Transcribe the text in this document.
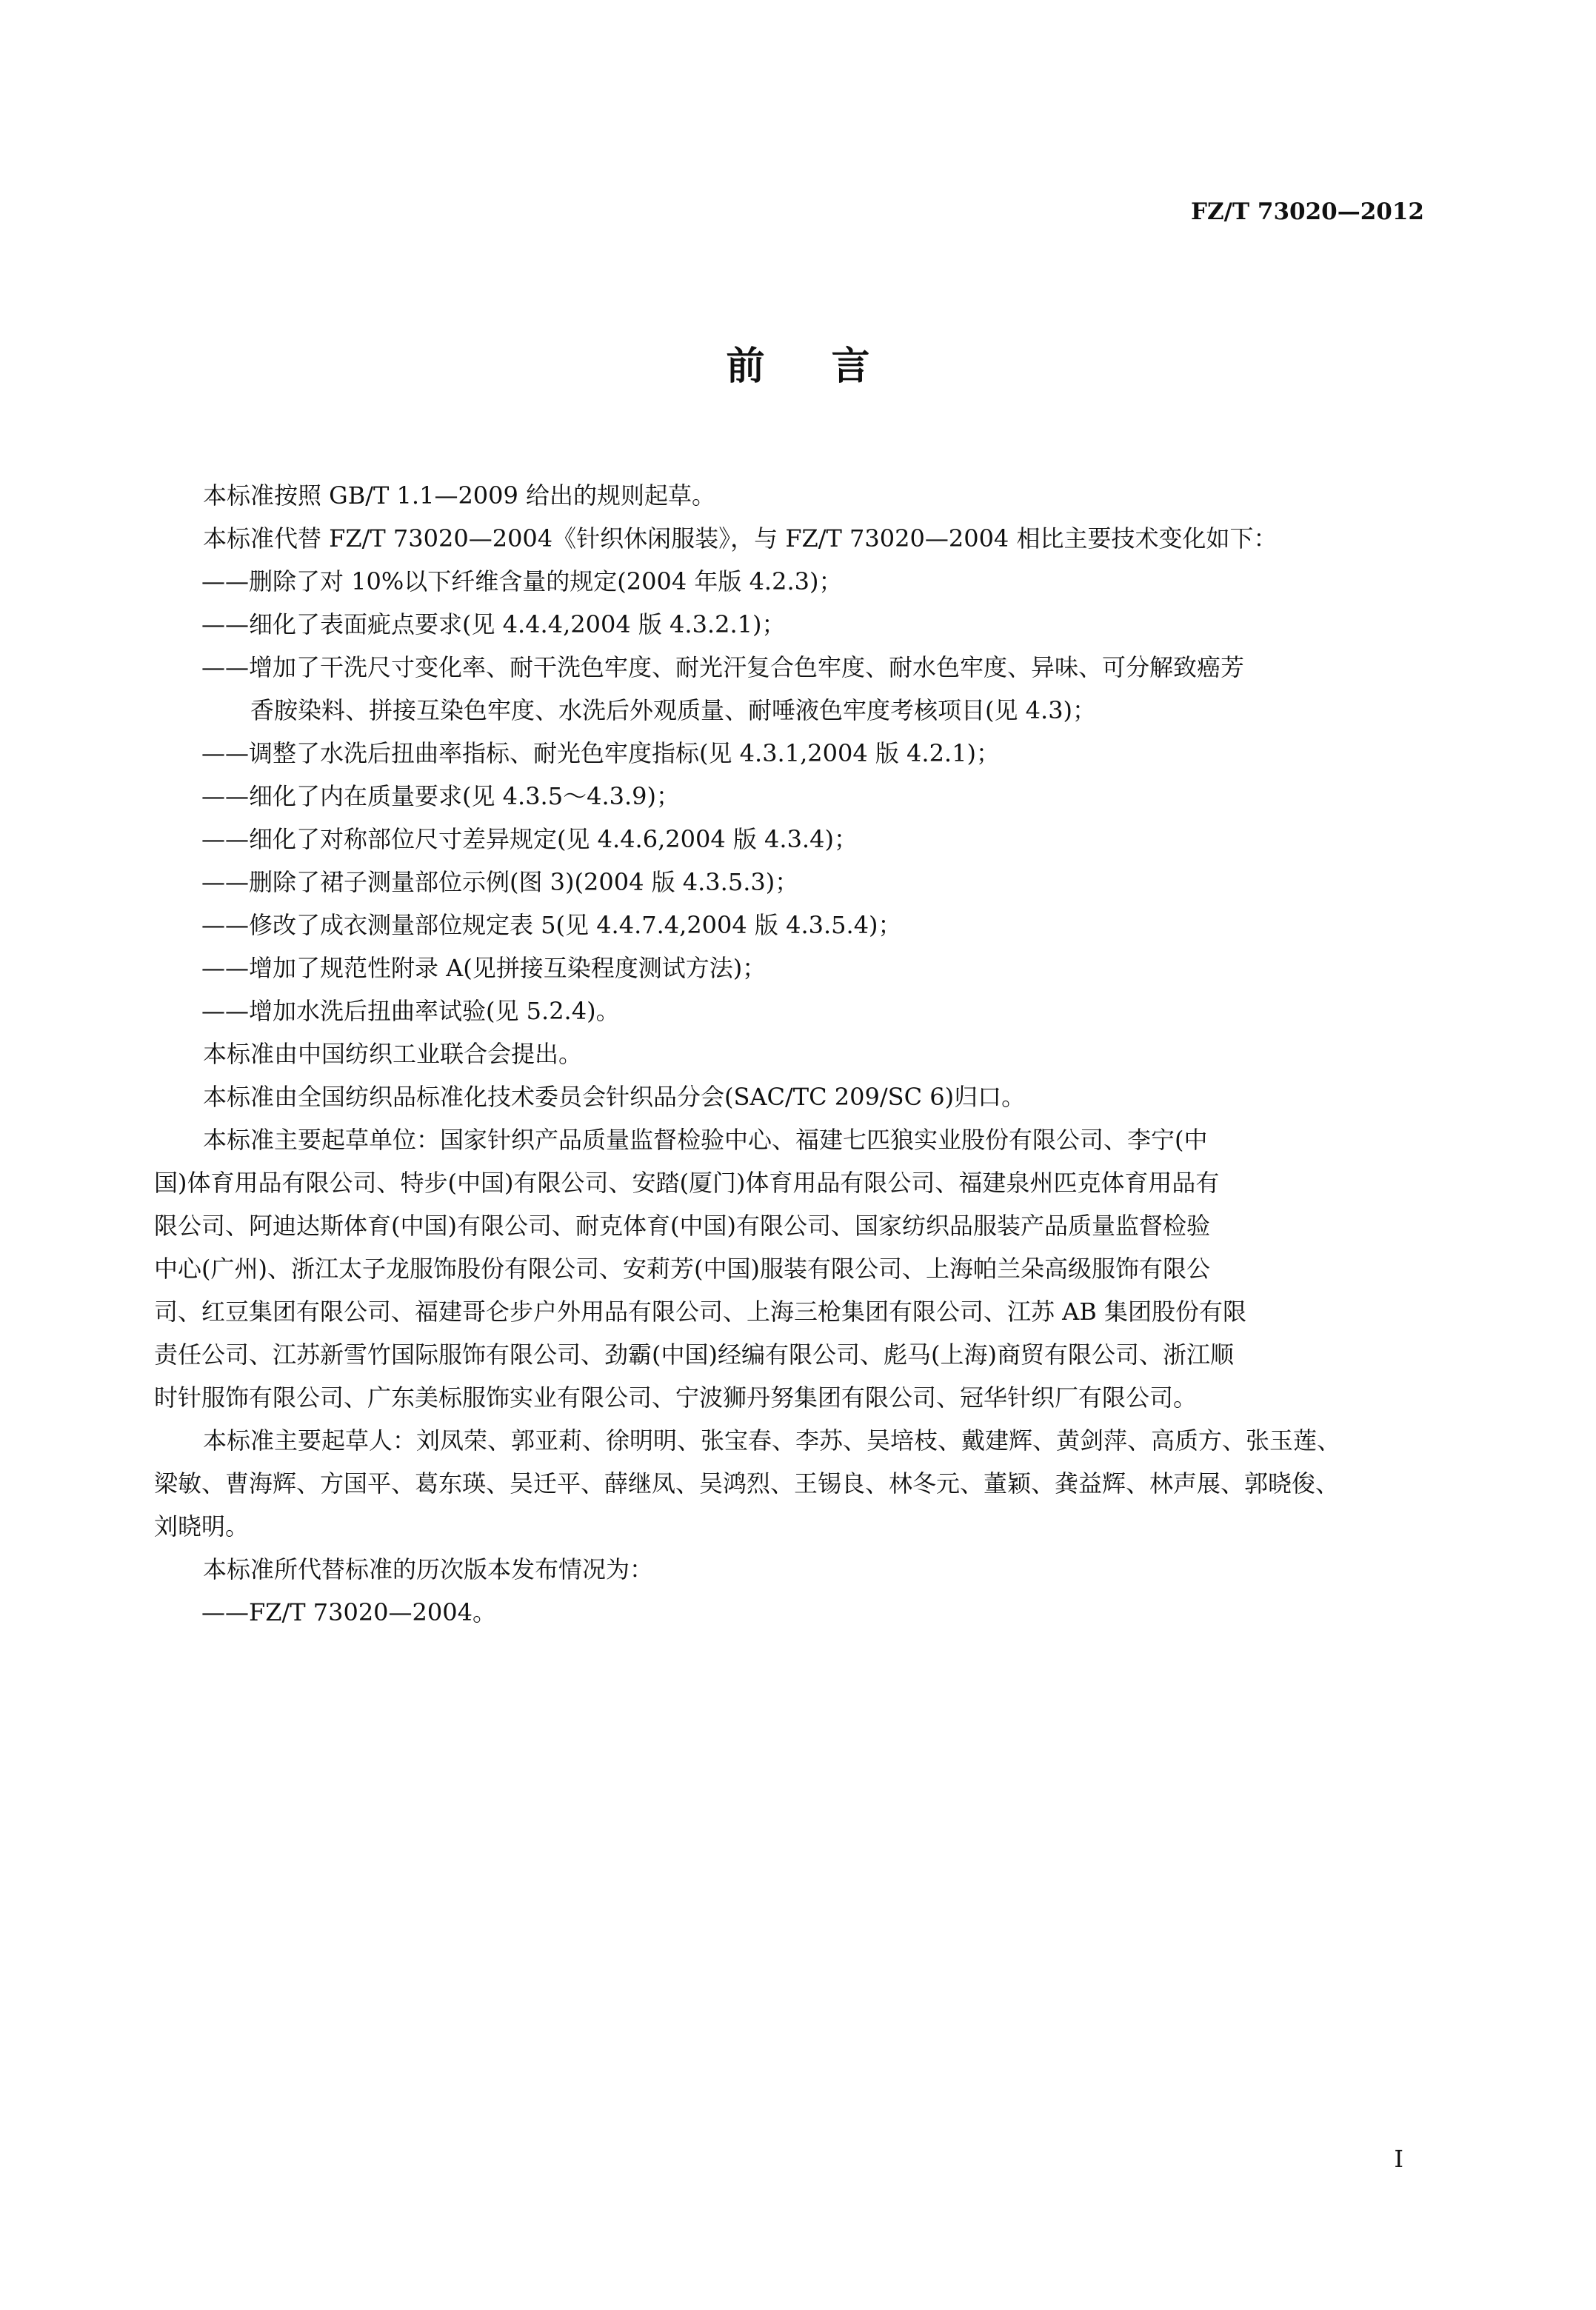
FZ/T 73020—2012
前言
本标准按照 GB/T 1.1—2009 给出的规则起草。
本标准代替 FZ/T 73020—2004《针织休闲服装》，与 FZ/T 73020—2004 相比主要技术变化如下：
——删除了对 10%以下纤维含量的规定(2004 年版 4.2.3)；
——细化了表面疵点要求(见 4.4.4,2004 版 4.3.2.1)；
——增加了干洗尺寸变化率、耐干洗色牢度、耐光汗复合色牢度、耐水色牢度、异味、可分解致癌芳
香胺染料、拼接互染色牢度、水洗后外观质量、耐唾液色牢度考核项目(见 4.3)；
——调整了水洗后扭曲率指标、耐光色牢度指标(见 4.3.1,2004 版 4.2.1)；
——细化了内在质量要求(见 4.3.5～4.3.9)；
——细化了对称部位尺寸差异规定(见 4.4.6,2004 版 4.3.4)；
——删除了裙子测量部位示例(图 3)(2004 版 4.3.5.3)；
——修改了成衣测量部位规定表 5(见 4.4.7.4,2004 版 4.3.5.4)；
——增加了规范性附录 A(见拼接互染程度测试方法)；
——增加水洗后扭曲率试验(见 5.2.4)。
本标准由中国纺织工业联合会提出。
本标准由全国纺织品标准化技术委员会针织品分会(SAC/TC 209/SC 6)归口。
本标准主要起草单位：国家针织产品质量监督检验中心、福建七匹狼实业股份有限公司、李宁(中
国)体育用品有限公司、特步(中国)有限公司、安踏(厦门)体育用品有限公司、福建泉州匹克体育用品有
限公司、阿迪达斯体育(中国)有限公司、耐克体育(中国)有限公司、国家纺织品服装产品质量监督检验
中心(广州)、浙江太子龙服饰股份有限公司、安莉芳(中国)服装有限公司、上海帕兰朵高级服饰有限公
司、红豆集团有限公司、福建哥仑步户外用品有限公司、上海三枪集团有限公司、江苏 AB 集团股份有限
责任公司、江苏新雪竹国际服饰有限公司、劲霸(中国)经编有限公司、彪马(上海)商贸有限公司、浙江顺
时针服饰有限公司、广东美标服饰实业有限公司、宁波狮丹努集团有限公司、冠华针织厂有限公司。
本标准主要起草人：刘凤荣、郭亚莉、徐明明、张宝春、李苏、吴培枝、戴建辉、黄剑萍、高质方、张玉莲、
梁敏、曹海辉、方国平、葛东瑛、吴迁平、薛继凤、吴鸿烈、王锡良、林冬元、董颖、龚益辉、林声展、郭晓俊、
刘晓明。
本标准所代替标准的历次版本发布情况为：
——FZ/T 73020—2004。
I
